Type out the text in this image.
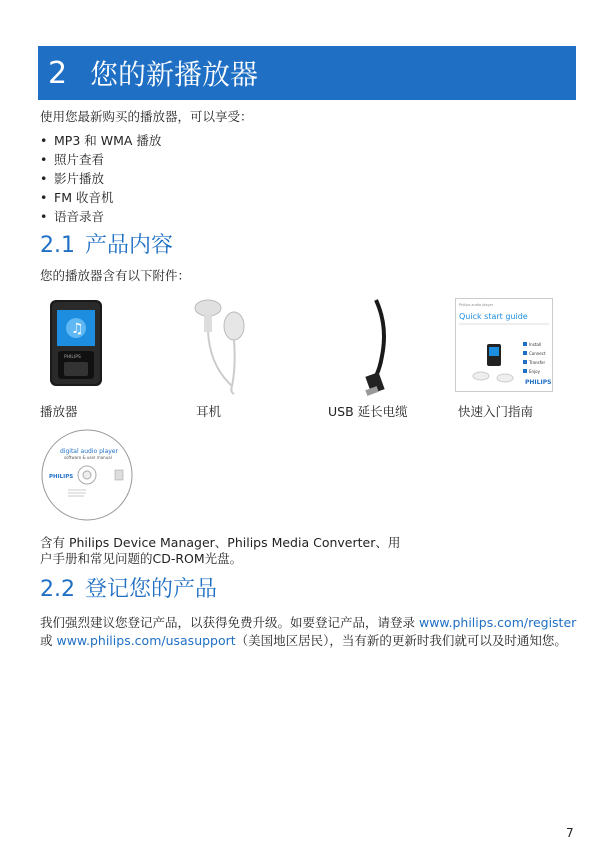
2 您的新播放器
使用您最新购买的播放器，可以享受：
• MP3 和 WMA 播放
• 照片查看
• 影片播放
• FM 收音机
• 语音录音
2.1 产品内容
您的播放器含有以下附件：
♫
PHILIPS
Philips audio player
Quick start guide
Install
Connect
Transfer
Enjoy
PHILIPS
播放器	耳机	USB 延长电缆	快速入门指南
digital audio player
software & user manual
PHILIPS
含有 Philips Device Manager、Philips Media Converter、用
户手册和常见问题的CD-ROM光盘。
2.2 登记您的产品
我们强烈建议您登记产品，以获得免费升级。如要登记产品，请登录 www.philips.com/register
或 www.philips.com/usasupport（美国地区居民），当有新的更新时我们就可以及时通知您。
7
